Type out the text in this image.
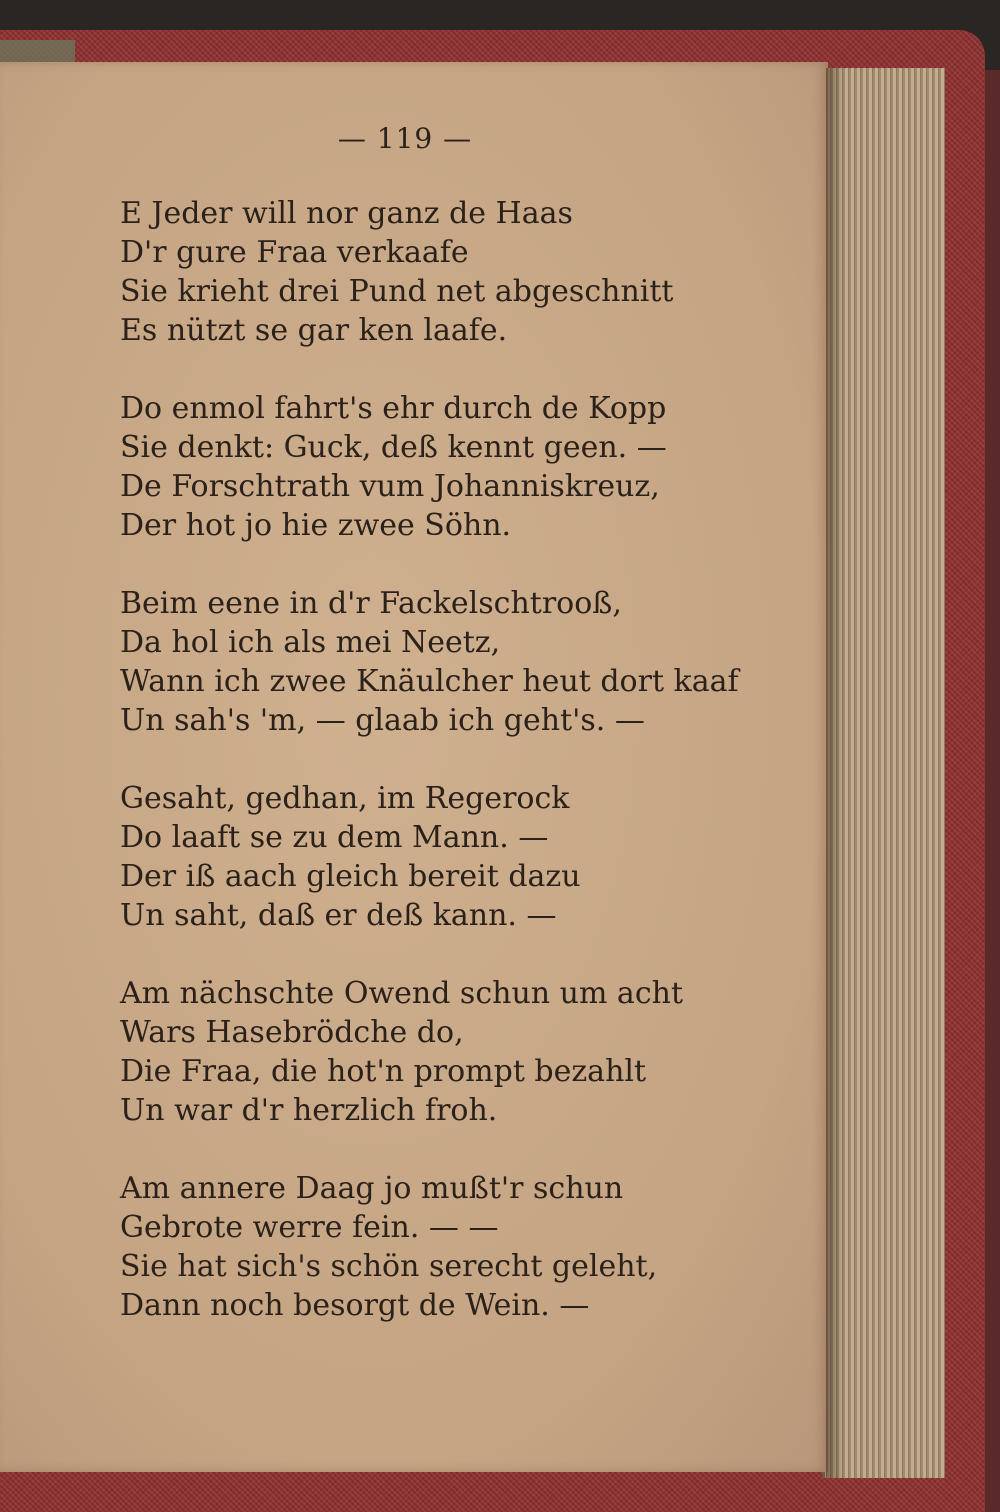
— 119 —
E Jeder will nor ganz de Haas
D'r gure Fraa verkaafe
Sie krieht drei Pund net abgeschnitt
Es nützt se gar ken laafe.
Do enmol fahrt's ehr durch de Kopp
Sie denkt: Guck, deß kennt geen. —
De Forschtrath vum Johanniskreuz,
Der hot jo hie zwee Söhn.
Beim eene in d'r Fackelschtrooß,
Da hol ich als mei Neetz,
Wann ich zwee Knäulcher heut dort kaaf
Un sah's 'm, — glaab ich geht's. —
Gesaht, gedhan, im Regerock
Do laaft se zu dem Mann. —
Der iß aach gleich bereit dazu
Un saht, daß er deß kann. —
Am nächschte Owend schun um acht
Wars Hasebrödche do,
Die Fraa, die hot'n prompt bezahlt
Un war d'r herzlich froh.
Am annere Daag jo mußt'r schun
Gebrote werre fein. — —
Sie hat sich's schön serecht geleht,
Dann noch besorgt de Wein. —
